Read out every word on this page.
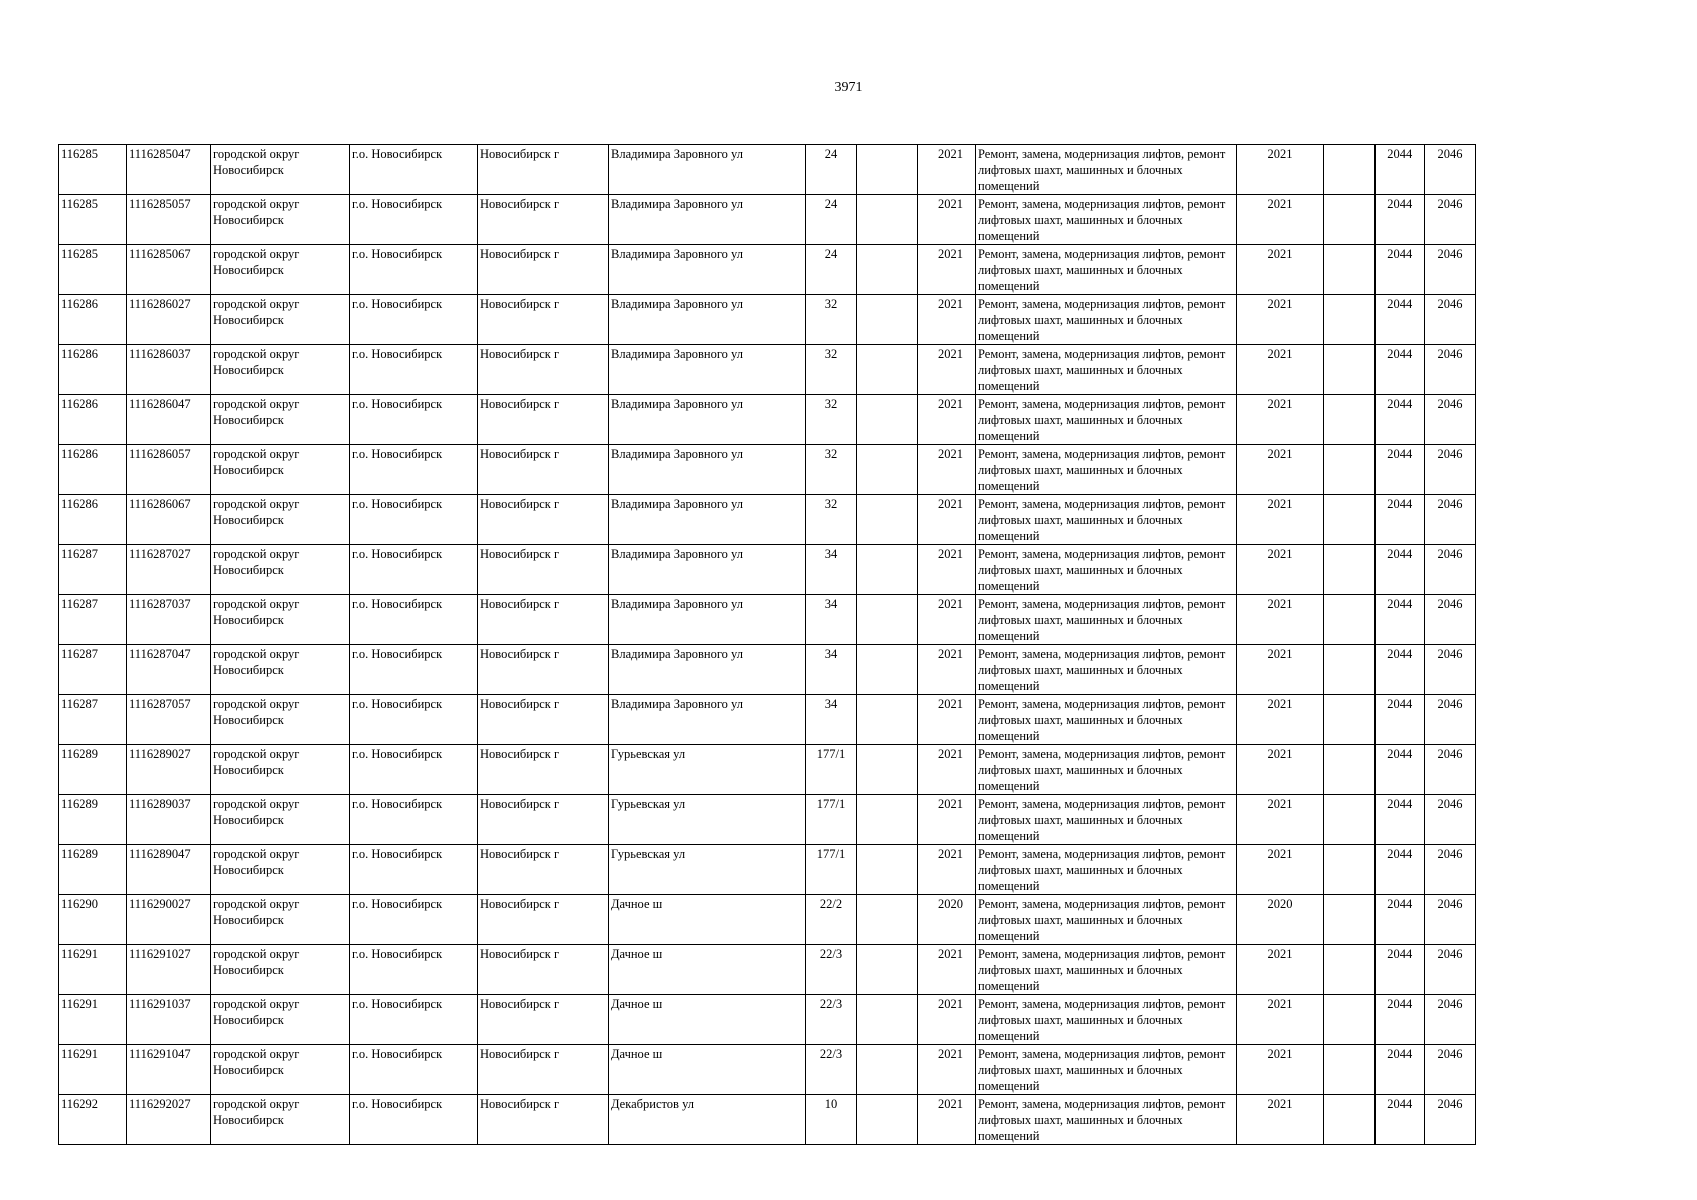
3971
116285	1116285047	городской округ Новосибирск	г.о. Новосибирск	Новосибирск г	Владимира Заровного ул	24		2021	Ремонт, замена, модернизация лифтов, ремонт лифтовых шахт, машинных и блочных помещений	2021		2044	2046
116285	1116285057	городской округ Новосибирск	г.о. Новосибирск	Новосибирск г	Владимира Заровного ул	24		2021	Ремонт, замена, модернизация лифтов, ремонт лифтовых шахт, машинных и блочных помещений	2021		2044	2046
116285	1116285067	городской округ Новосибирск	г.о. Новосибирск	Новосибирск г	Владимира Заровного ул	24		2021	Ремонт, замена, модернизация лифтов, ремонт лифтовых шахт, машинных и блочных помещений	2021		2044	2046
116286	1116286027	городской округ Новосибирск	г.о. Новосибирск	Новосибирск г	Владимира Заровного ул	32		2021	Ремонт, замена, модернизация лифтов, ремонт лифтовых шахт, машинных и блочных помещений	2021		2044	2046
116286	1116286037	городской округ Новосибирск	г.о. Новосибирск	Новосибирск г	Владимира Заровного ул	32		2021	Ремонт, замена, модернизация лифтов, ремонт лифтовых шахт, машинных и блочных помещений	2021		2044	2046
116286	1116286047	городской округ Новосибирск	г.о. Новосибирск	Новосибирск г	Владимира Заровного ул	32		2021	Ремонт, замена, модернизация лифтов, ремонт лифтовых шахт, машинных и блочных помещений	2021		2044	2046
116286	1116286057	городской округ Новосибирск	г.о. Новосибирск	Новосибирск г	Владимира Заровного ул	32		2021	Ремонт, замена, модернизация лифтов, ремонт лифтовых шахт, машинных и блочных помещений	2021		2044	2046
116286	1116286067	городской округ Новосибирск	г.о. Новосибирск	Новосибирск г	Владимира Заровного ул	32		2021	Ремонт, замена, модернизация лифтов, ремонт лифтовых шахт, машинных и блочных помещений	2021		2044	2046
116287	1116287027	городской округ Новосибирск	г.о. Новосибирск	Новосибирск г	Владимира Заровного ул	34		2021	Ремонт, замена, модернизация лифтов, ремонт лифтовых шахт, машинных и блочных помещений	2021		2044	2046
116287	1116287037	городской округ Новосибирск	г.о. Новосибирск	Новосибирск г	Владимира Заровного ул	34		2021	Ремонт, замена, модернизация лифтов, ремонт лифтовых шахт, машинных и блочных помещений	2021		2044	2046
116287	1116287047	городской округ Новосибирск	г.о. Новосибирск	Новосибирск г	Владимира Заровного ул	34		2021	Ремонт, замена, модернизация лифтов, ремонт лифтовых шахт, машинных и блочных помещений	2021		2044	2046
116287	1116287057	городской округ Новосибирск	г.о. Новосибирск	Новосибирск г	Владимира Заровного ул	34		2021	Ремонт, замена, модернизация лифтов, ремонт лифтовых шахт, машинных и блочных помещений	2021		2044	2046
116289	1116289027	городской округ Новосибирск	г.о. Новосибирск	Новосибирск г	Гурьевская ул	177/1		2021	Ремонт, замена, модернизация лифтов, ремонт лифтовых шахт, машинных и блочных помещений	2021		2044	2046
116289	1116289037	городской округ Новосибирск	г.о. Новосибирск	Новосибирск г	Гурьевская ул	177/1		2021	Ремонт, замена, модернизация лифтов, ремонт лифтовых шахт, машинных и блочных помещений	2021		2044	2046
116289	1116289047	городской округ Новосибирск	г.о. Новосибирск	Новосибирск г	Гурьевская ул	177/1		2021	Ремонт, замена, модернизация лифтов, ремонт лифтовых шахт, машинных и блочных помещений	2021		2044	2046
116290	1116290027	городской округ Новосибирск	г.о. Новосибирск	Новосибирск г	Дачное ш	22/2		2020	Ремонт, замена, модернизация лифтов, ремонт лифтовых шахт, машинных и блочных помещений	2020		2044	2046
116291	1116291027	городской округ Новосибирск	г.о. Новосибирск	Новосибирск г	Дачное ш	22/3		2021	Ремонт, замена, модернизация лифтов, ремонт лифтовых шахт, машинных и блочных помещений	2021		2044	2046
116291	1116291037	городской округ Новосибирск	г.о. Новосибирск	Новосибирск г	Дачное ш	22/3		2021	Ремонт, замена, модернизация лифтов, ремонт лифтовых шахт, машинных и блочных помещений	2021		2044	2046
116291	1116291047	городской округ Новосибирск	г.о. Новосибирск	Новосибирск г	Дачное ш	22/3		2021	Ремонт, замена, модернизация лифтов, ремонт лифтовых шахт, машинных и блочных помещений	2021		2044	2046
116292	1116292027	городской округ Новосибирск	г.о. Новосибирск	Новосибирск г	Декабристов ул	10		2021	Ремонт, замена, модернизация лифтов, ремонт лифтовых шахт, машинных и блочных помещений	2021		2044	2046
